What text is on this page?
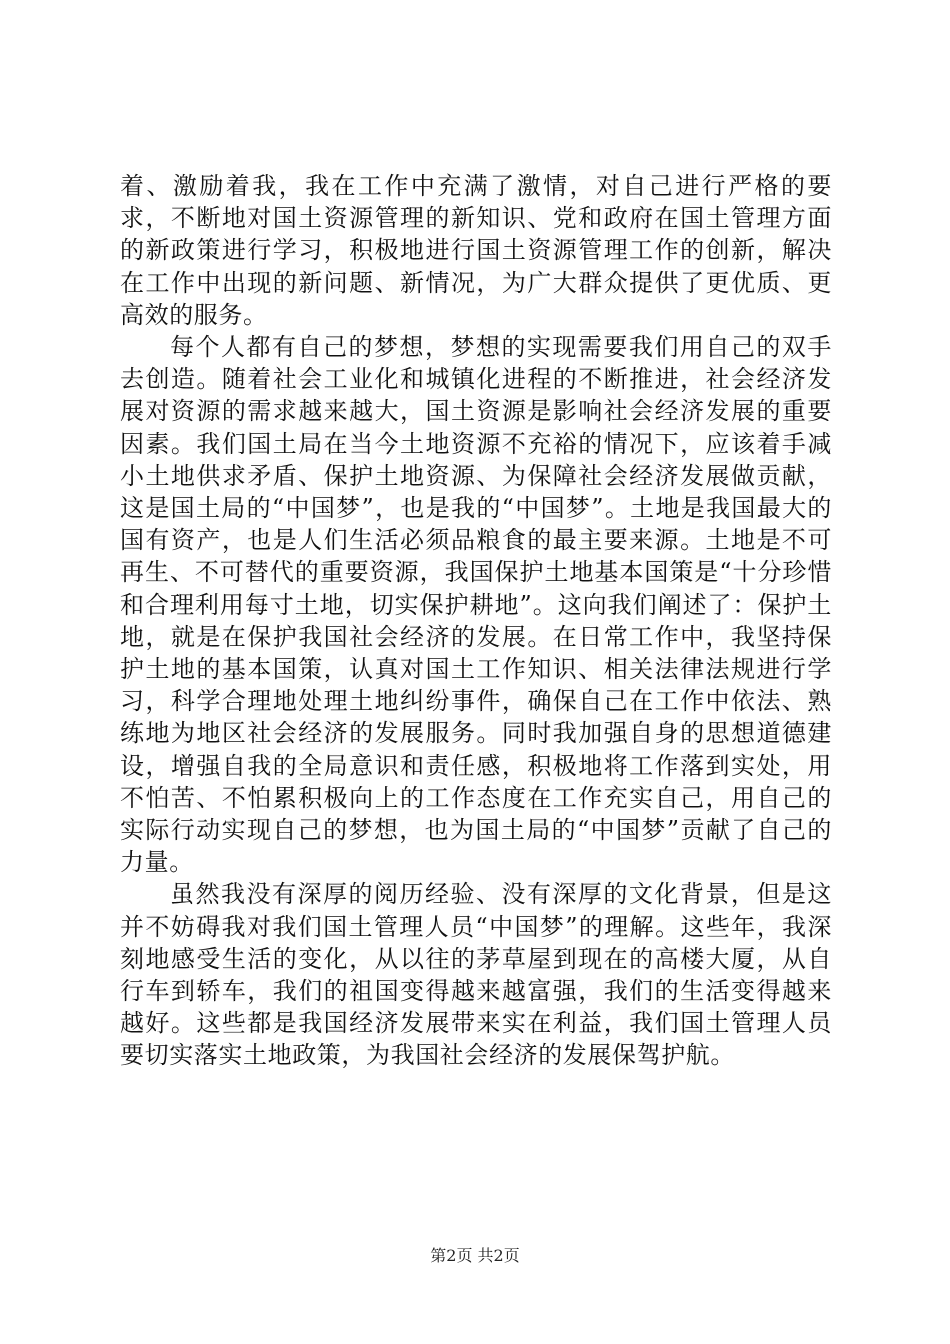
着、激励着我，我在工作中充满了激情，对自己进行严格的要求，不断地对国土资源管理的新知识、党和政府在国土管理方面的新政策进行学习，积极地进行国土资源管理工作的创新，解决在工作中出现的新问题、新情况，为广大群众提供了更优质、更高效的服务。

每个人都有自己的梦想，梦想的实现需要我们用自己的双手去创造。随着社会工业化和城镇化进程的不断推进，社会经济发展对资源的需求越来越大，国土资源是影响社会经济发展的重要因素。我们国土局在当今土地资源不充裕的情况下，应该着手减小土地供求矛盾、保护土地资源、为保障社会经济发展做贡献，这是国土局的“中国梦”，也是我的“中国梦”。土地是我国最大的国有资产，也是人们生活必须品粮食的最主要来源。土地是不可再生、不可替代的重要资源，我国保护土地基本国策是“十分珍惜和合理利用每寸土地，切实保护耕地”。这向我们阐述了：保护土地，就是在保护我国社会经济的发展。在日常工作中，我坚持保护土地的基本国策，认真对国土工作知识、相关法律法规进行学习，科学合理地处理土地纠纷事件，确保自己在工作中依法、熟练地为地区社会经济的发展服务。同时我加强自身的思想道德建设，增强自我的全局意识和责任感，积极地将工作落到实处，用不怕苦、不怕累积极向上的工作态度在工作充实自己，用自己的实际行动实现自己的梦想，也为国土局的“中国梦”贡献了自己的力量。

虽然我没有深厚的阅历经验、没有深厚的文化背景，但是这并不妨碍我对我们国土管理人员“中国梦”的理解。这些年，我深刻地感受生活的变化，从以往的茅草屋到现在的高楼大厦，从自行车到轿车，我们的祖国变得越来越富强，我们的生活变得越来越好。这些都是我国经济发展带来实在利益，我们国土管理人员要切实落实土地政策，为我国社会经济的发展保驾护航。

第2页 共2页
